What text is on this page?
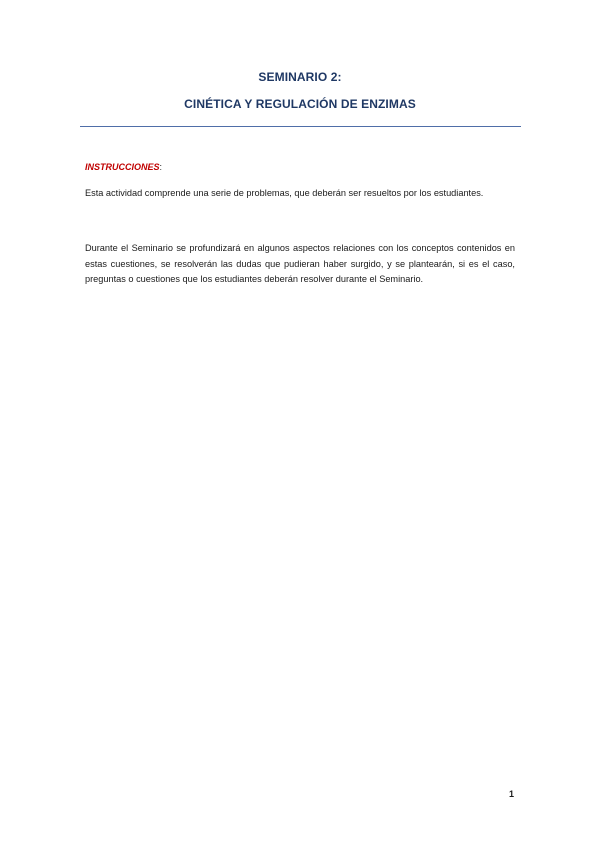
SEMINARIO 2:
CINÉTICA Y REGULACIÓN DE ENZIMAS
INSTRUCCIONES:
Esta actividad comprende una serie de problemas, que deberán ser resueltos por los estudiantes.
Durante el Seminario se profundizará en algunos aspectos relaciones con los conceptos contenidos en estas cuestiones, se resolverán las dudas que pudieran haber surgido, y se plantearán, si es el caso, preguntas o cuestiones que los estudiantes deberán resolver durante el Seminario.
1
